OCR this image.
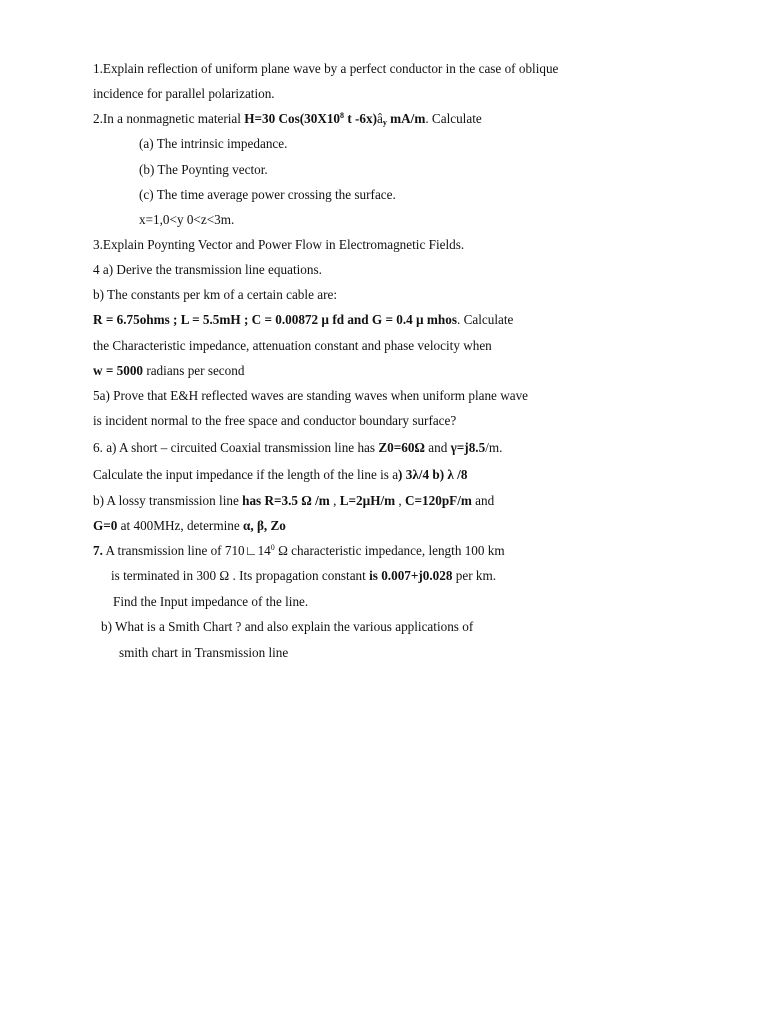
1.Explain reflection of uniform plane wave by a perfect conductor in the case of oblique
incidence for parallel polarization.
2.In a nonmagnetic material H=30 $Cos(30X10^8$ t $-6x)â_y$ mA/m. Calculate
(a) The intrinsic impedance.
(b) The Poynting vector.
(c) The time average power crossing the surface.
x=1,0<y 0<z<3m.
3.Explain Poynting Vector and Power Flow in Electromagnetic Fields.
4 a) Derive the transmission line equations.
b) The constants per km of a certain cable are:
R = 6.75ohms ; L = 5.5mH ; C = 0.00872 µ fd and G = 0.4 µ mhos. Calculate
the Characteristic impedance, attenuation constant and phase velocity when
w = 5000 radians per second
5a) Prove that E&H reflected waves are standing waves when uniform plane wave
is incident normal to the free space and conductor boundary surface?
6. a) A short – circuited Coaxial transmission line has Z0=60Ω and γ=j8.5/m.
Calculate the input impedance if the length of the line is a) 3λ/4 b) λ /8
b) A lossy transmission line has R=3.5 Ω /m , L=2µH/m , C=120pF/m and
G=0 at 400MHz, determine α, β, Zo
7. A transmission line of $710∟14^0$ Ω characteristic impedance, length 100 km
is terminated in 300 Ω . Its propagation constant is 0.007+j0.028 per km.
Find the Input impedance of the line.
b) What is a Smith Chart ? and also explain the various applications of
smith chart in Transmission line
